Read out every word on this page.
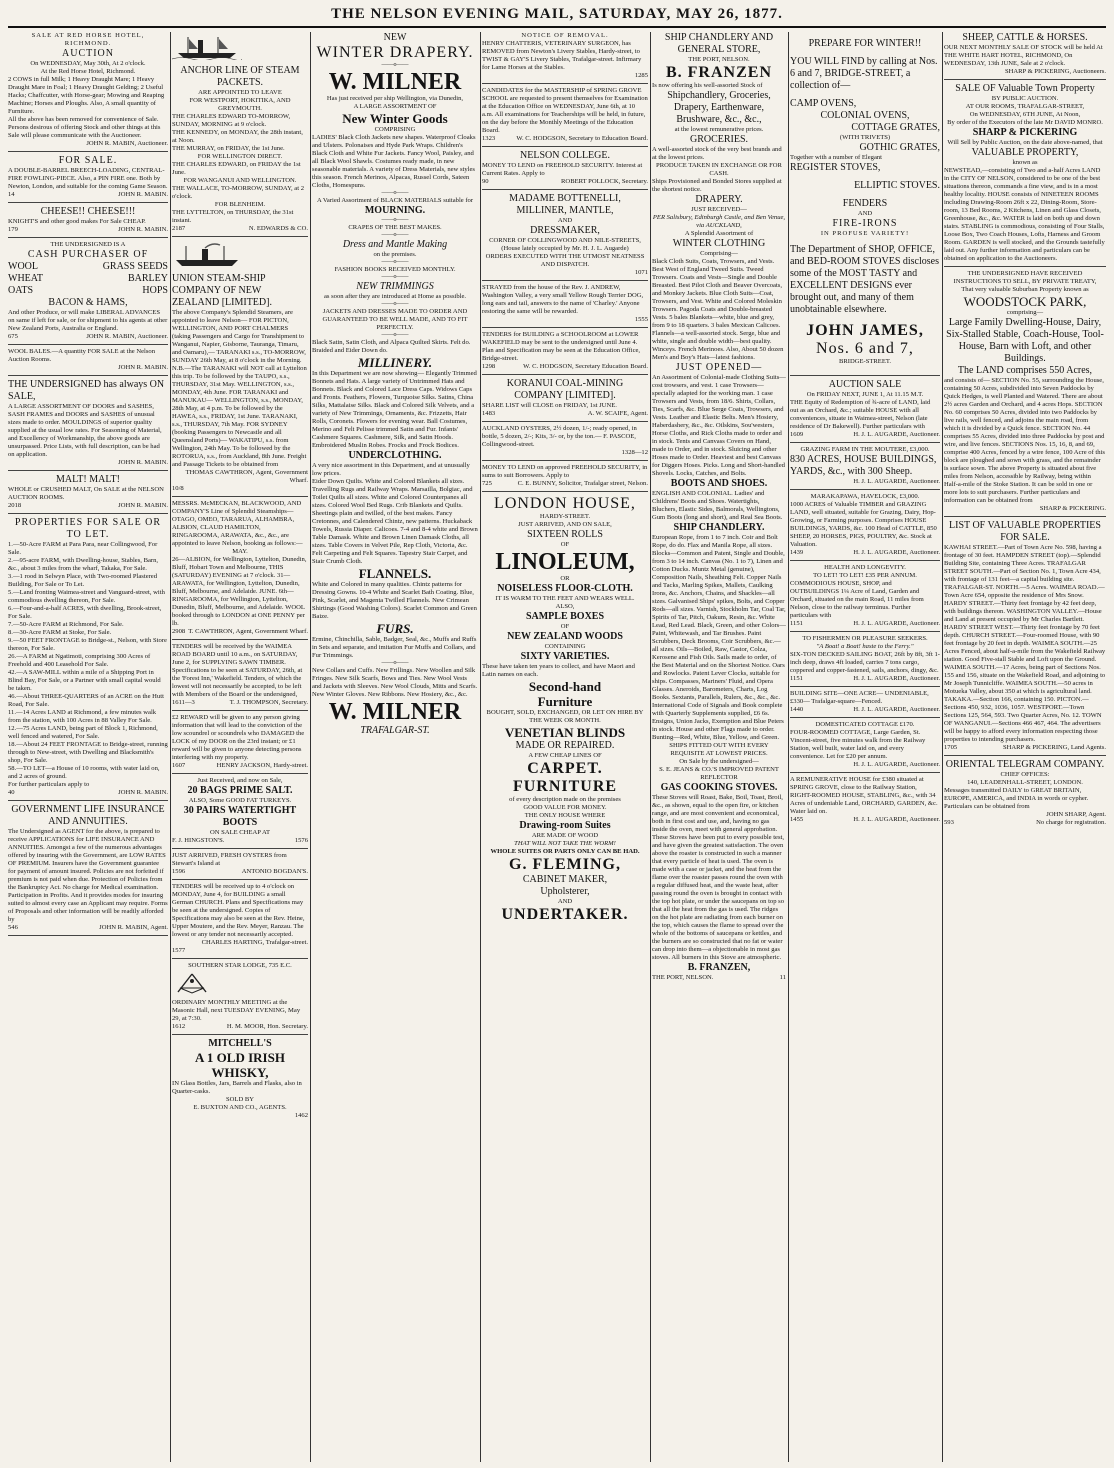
THE NELSON EVENING MAIL, SATURDAY, MAY 26, 1877.

SALE AT RED HORSE HOTEL, RICHMOND.

AUCTION

On WEDNESDAY, May 30th, At 2 o'clock.

At the Red Horse Hotel, Richmond.

2 COWS in full Milk; 1 Heavy Draught Mare; 1 Heavy Draught Mare in Foal; 1 Heavy Draught Gelding; 2 Useful Hacks; Chaffcutter, with Horse-gear; Mowing and Reaping Machine; Horses and Ploughs. Also, A small quantity of Furniture.

All the above has been removed for convenience of Sale. Persons desirous of offering Stock and other things at this Sale will please communicate with the Auctioneer.

JOHN R. MABIN, Auctioneer.

FOR SALE.

A DOUBLE-BARREL BREECH-LOADING, CENTRAL-FIRE FOWLING-PIECE. Also, a PIN FIRE one. Both by Newton, London, and suitable for the coming Game Season.

14	JOHN R. MABIN.

CHEESE!! CHEESE!!!

KNIGHT'S and other good makes For Sale CHEAP.

179	JOHN R. MABIN.

THE UNDERSIGNED IS A

CASH PURCHASER OF

WOOL	GRASS SEEDS
WHEAT	BARLEY
OATS	HOPS

BACON & HAMS,

And other Produce, or will make LIBERAL ADVANCES on same if left for sale, or for shipment to his agents at other New Zealand Ports, Australia or England.

675	JOHN R. MABIN, Auctioneer.

WOOL BALES.—A quantity FOR SALE at the Nelson Auction Rooms.

JOHN R. MABIN.

THE UNDERSIGNED has always ON SALE,

A LARGE ASSORTMENT OF DOORS and SASHES, SASH FRAMES and DOORS and SASHES of unusual sizes made to order. MOULDINGS of superior quality supplied at the usual low rates. For Seasoning of Material, and Excellency of Workmanship, the above goods are unsurpassed. Price Lists, with full description, can be had on application.

JOHN R. MABIN.

MALT! MALT!

WHOLE or CRUSHED MALT, On SALE at the NELSON AUCTION ROOMS.

2018	JOHN R. MABIN.

PROPERTIES FOR SALE OR TO LET.

1.—50-Acre FARM at Para Para, near Collingwood, For Sale.

2.—95-acre FARM, with Dwelling-house, Stables, Barn, &c., about 3 miles from the wharf, Takaka, For Sale.

3.—1 rood in Selwyn Place, with Two-roomed Plastered Building, For Sale or To Let.

5.—Land fronting Waimea-street and Vanguard-street, with commodious dwelling thereon, For Sale.

6.—Four-and-a-half ACRES, with dwelling, Brook-street, For Sale.

7.—50-Acre FARM at Richmond, For Sale.

8.—30-Acre FARM at Stoke, For Sale.

9.—50 FEET FRONTAGE to Bridge-st., Nelson, with Store thereon, For Sale.

26.—A FARM at Ngatimoti, comprising 300 Acres of Freehold and 400 Leasehold For Sale.

42.—A SAW-MILL within a mile of a Shipping Port in Blind Bay, For Sale, or a Partner with small capital would be taken.

46.—About THREE-QUARTERS of an ACRE on the Hutt Road, For Sale.

11.—14 Acres LAND at Richmond, a few minutes walk from the station, with 100 Acres in 88 Valley For Sale.

12.—75 Acres LAND, being part of Block 1, Richmond, well fenced and watered, For Sale.

18.—About 24 FEET FRONTAGE to Bridge-street, running through to New-street, with Dwelling and Blacksmith's shop, For Sale.

58.—TO LET—a House of 10 rooms, with water laid on, and 2 acres of ground.

For further particulars apply to

40	JOHN R. MABIN.

GOVERNMENT LIFE INSURANCE AND ANNUITIES.

The Undersigned as AGENT for the above, is prepared to receive APPLICATIONS for LIFE INSURANCE AND ANNUITIES. Amongst a few of the numerous advantages offered by insuring with the Government, are LOW RATES OF PREMIUM. Insurers have the Government guarantee for payment of amount insured. Policies are not forfeited if premium is not paid when due. Protection of Policies from the Bankruptcy Act. No charge for Medical examination. Participation in Profits. And it provides modes for insuring suited to almost every case an Applicant may require. Forms of Proposals and other information will be readily afforded by

546	JOHN R. MABIN, Agent.

ANCHOR LINE OF STEAM PACKETS.

ARE APPOINTED TO LEAVE

FOR WESTPORT, HOKITIKA, AND GREYMOUTH.

THE CHARLES EDWARD TO-MORROW, SUNDAY, MORNING at 9 o'clock.

THE KENNEDY, on MONDAY, the 28th instant, at Noon.

THE MURRAY, on FRIDAY, the 1st June.

FOR WELLINGTON DIRECT.

THE CHARLES EDWARD, on FRIDAY the 1st June.

FOR WANGANUI AND WELLINGTON.

THE WALLACE, TO-MORROW, SUNDAY, at 2 o'clock.

FOR BLENHEIM.

THE LYTTELTON, on THURSDAY, the 31st instant.

2187	N. EDWARDS & CO.

UNION STEAM-SHIP COMPANY OF NEW ZEALAND [LIMITED].

The above Company's Splendid Steamers, are appointed to leave Nelson— FOR PICTON, WELLINGTON, AND PORT CHALMERS (taking Passengers and Cargo for Transhipment to Wanganui, Napier, Gisborne, Tauranga, Timaru, and Oamaru),— TARANAKI s.s., TO-MORROW, SUNDAY 26th May, at 8 o'clock in the Morning. N.B.—The TARANAKI will NOT call at Lyttelton this trip. To be followed by the TAUPO, s.s., THURSDAY, 31st May. WELLINGTON, s.s., MONDAY, 4th June. FOR TARANAKI and MANUKAU— WELLINGTON, s.s., MONDAY, 28th May, at 4 p.m. To be followed by the HAWEA, s.s., FRIDAY, 1st June. TARANAKI, s.s., THURSDAY, 7th May. FOR SYDNEY (booking Passengers to Newcastle and all Queensland Ports)— WAKATIPU, s.s. from Wellington, 24th May. To be followed by the ROTORUA, s.s., from Auckland, 8th June. Freight and Passage Tickets to be obtained from

THOMAS CAWTHRON, Agent, Government Wharf.

10/8

MESSRS. McMECKAN, BLACKWOOD, AND COMPANY'S Line of Splendid Steamships—OTAGO, OMEO, TARARUA, ALHAMBRA, ALBION, CLAUD HAMILTON, RINGAROOMA, ARAWATA, &c., &c., are appointed to leave Nelson, booking as follows:—

MAY.

26—ALBION, for Wellington, Lyttelton, Dunedin, Bluff, Hobart Town and Melbourne, THIS (SATURDAY) EVENING at 7 o'clock. 31—ARAWATA, for Wellington, Lyttelton, Dunedin, Bluff, Melbourne, and Adelaide. JUNE. 6th—RINGAROOMA, for Wellington, Lyttelton, Dunedin, Bluff, Melbourne, and Adelaide. WOOL booked through to LONDON at ONE PENNY per lb.

2908 T. CAWTHRON, Agent, Government Wharf.

TENDERS will be received by the WAIMEA ROAD BOARD until 10 a.m., on SATURDAY, June 2, for SUPPLYING SAWN TIMBER. Specifications to be seen at SATURDAY, 26th, at the 'Forest Inn,' Wakefield. Tenders, of which the lowest will not necessarily be accepted, to be left with Members of the Board or the undersigned,

1611—3	T. J. THOMPSON, Secretary.

£2 REWARD will be given to any person giving information that will lead to the conviction of the low scoundrel or scoundrels who DAMAGED the LOCK of my DOOR on the 23rd instant; or £1 reward will be given to anyone detecting persons interfering with my property.

1607	HENRY JACKSON, Hardy-street.

Just Received, and now on Sale,

20 BAGS PRIME SALT.

ALSO, Some GOOD FAT TURKEYS.

30 PAIRS WATERTIGHT BOOTS

ON SALE CHEAP AT

F. J. HINGSTON'S.	1576

JUST ARRIVED, FRESH OYSTERS from Stewart's Island at

1596	ANTONIO BOGDAN'S.

TENDERS will be received up to 4 o'clock on MONDAY, June 4, for BUILDING a small German CHURCH. Plans and Specifications may be seen at the undersigned. Copies of Specifications may also be seen at the Rev. Heine, Upper Moutere, and the Rev. Meyer, Ranzau. The lowest or any tender not necessarily accepted.

CHARLES HARTING, Trafalgar-street.

1577

SOUTHERN STAR LODGE, 735 E.C.

ORDINARY MONTHLY MEETING at the Masonic Hall, next TUESDAY EVENING, May 29, at 7:30.

1612	H. M. MOOR, Hon. Secretary.

MITCHELL'S

A 1 OLD IRISH WHISKY,

IN Glass Bottles, Jars, Barrels and Flasks, also in Quarter-casks.

SOLD BY

E. BUXTON AND CO., AGENTS.

1462

NEW

WINTER DRAPERY.

——o——

W. MILNER

Has just received per ship Wellington, via Dunedin,

A LARGE ASSORTMENT OF

New Winter Goods

COMPRISING

LADIES' Black Cloth Jackets new shapes. Waterproof Cloaks and Ulsters. Polonaises and Hyde Park Wraps. Children's Black Cloth and White Fur Jackets. Fancy Wool, Paisley, and all Black Wool Shawls. Costumes ready made, in new seasonable materials. A variety of Dress Materials, new styles this season. French Merinos, Alpacas, Russel Cords, Sateen Cloths, Homespuns.

——o——

A Varied Assortment of BLACK MATERIALS suitable for

MOURNING.

——o——

CRAPES OF THE BEST MAKES.

——o——

Dress and Mantle Making

on the premises.

——o——

FASHION BOOKS RECEIVED MONTHLY.

——o——

NEW TRIMMINGS

as soon after they are introduced at Home as possible.

——o——

JACKETS AND DRESSES MADE TO ORDER AND GUARANTEED TO BE WELL MADE, AND TO FIT PERFECTLY.

——o——

Black Satin, Satin Cloth, and Alpaca Quilted Skirts. Felt do. Braided and Eider Down do.

MILLINERY.

In this Department we are now showing— Elegantly Trimmed Bonnets and Hats. A large variety of Untrimmed Hats and Bonnets. Black and Colored Lace Dress Caps. Widows Caps and Fronts. Feathers, Flowers, Turquoise Silks. Satins, China Silks, Mattalaise Silks. Black and Colored Silk Velvets, and a variety of New Trimmings, Ornaments, &c. Frizzetts, Hair Rolls, Coronets. Flowers for evening wear. Ball Costumes, Merino and Felt Pelisse trimmed Satin and Fur. Infants' Cashmere Squares. Cashmere, Silk, and Satin Hoods. Embroidered Muslin Robes. Frocks and Frock Bodices.

UNDERCLOTHING.

A very nice assortment in this Department, and at unusually low prices.

Eider Down Quilts. White and Colored Blankets all sizes. Travelling Rugs and Railway Wraps. Marsailla, Bolgiac, and Toilet Quilts all sizes. White and Colored Counterpanes all sizes. Colored Wool Bed Rugs. Crib Blankets and Quilts. Sheetings plain and twilled, of the best makes. Fancy Cretonnes, and Calendered Chintz, new patterns. Huckaback Towels, Russia Diaper. Calicoes. 7-4 and 8-4 white and Brown Table Damask. White and Brown Linen Damask Cloths, all sizes. Table Covers in Velvet Pile, Rep Cloth, Victoria, &c. Felt Carpeting and Felt Squares. Tapestry Stair Carpet, and Stair Crumb Cloth.

FLANNELS.

White and Colored in many qualities. Chintz patterns for Dressing Gowns. 10-4 White and Scarlet Bath Coating. Blue, Pink, Scarlet, and Magenta Twilled Flannels. New Crimean Shirtings (Good Washing Colors). Scarlet Common and Green Baize.

FURS.

Ermine, Chinchilla, Sable, Badger, Seal, &c., Muffs and Ruffs in Sets and separate, and imitation Fur Muffs and Collars, and Fur Trimmings.

——o——

New Collars and Cuffs. New Frillings. New Woollen and Silk Fringes. New Silk Scarfs, Bows and Ties. New Wool Vests and Jackets with Sleeves. New Wool Clouds, Mitts and Scarfs. New Winter Gloves. New Ribbons. New Hosiery, &c., &c.

W. MILNER

TRAFALGAR-ST.

NOTICE OF REMOVAL.

HENRY CHATTERIS, VETERINARY SURGEON, has REMOVED from Newton's Livery Stables, Hardy-street, to TWIST & GAY'S Livery Stables, Trafalgar-street. Infirmary for Lame Horses at the Stables.

1285

CANDIDATES for the MASTERSHIP of SPRING GROVE SCHOOL are requested to present themselves for Examination at the Education Office on WEDNESDAY, June 6th, at 10 a.m. All examinations for Teacherships will be held, in future, on the day before the Monthly Meetings of the Education Board.

1323	W. C. HODGSON, Secretary to Education Board.

NELSON COLLEGE.

MONEY TO LEND on FREEHOLD SECURITY. Interest at Current Rates. Apply to

90	ROBERT POLLOCK, Secretary.

MADAME BOTTENELLI,

MILLINER, MANTLE,

AND

DRESSMAKER,

CORNER OF COLLINGWOOD AND NILE-STREETS,

(House lately occupied by Mr. H. J. L. Augarde)

ORDERS EXECUTED WITH THE UTMOST NEATNESS AND DISPATCH.

1071

STRAYED from the house of the Rev. J. ANDREW, Washington Valley, a very small Yellow Rough Terrier DOG, long ears and tail, answers to the name of 'Charley.' Anyone restoring the same will be rewarded.

1555

TENDERS for BUILDING a SCHOOLROOM at LOWER WAKEFIELD may be sent to the undersigned until June 4. Plan and Specification may be seen at the Education Office, Bridge-street.

1298	W. C. HODGSON, Secretary Education Board.

KORANUI COAL-MINING COMPANY [LIMITED].

SHARE LIST will CLOSE on FRIDAY, 1st JUNE.

1483	A. W. SCAIFE, Agent.

AUCKLAND OYSTERS, 2½ dozen, 1/-; ready opened, in bottle, 5 dozen, 2/-; Kits, 3/- or, by the ton.— F. PASCOE, Collingwood-street.

1328—12

MONEY TO LEND on approved FREEHOLD SECURITY, in sums to suit Borrowers. Apply to

725	C. E. BUNNY, Solicitor, Trafalgar street, Nelson.

LONDON HOUSE,

HARDY-STREET.

JUST ARRIVED, AND ON SALE,

SIXTEEN ROLLS

OF

LINOLEUM,

OR

NOISELESS FLOOR-CLOTH.

IT IS WARM TO THE FEET AND WEARS WELL.

ALSO,

SAMPLE BOXES

OF

NEW ZEALAND WOODS

CONTAINING

SIXTY VARIETIES.

These have taken ten years to collect, and have Maori and Latin names on each.

Second-hand

Furniture

BOUGHT, SOLD, EXCHANGED, OR LET ON HIRE BY THE WEEK OR MONTH.

VENETIAN BLINDS

MADE OR REPAIRED.

A FEW CHEAP LINES OF

CARPET.

FURNITURE

of every description made on the premises

GOOD VALUE FOR MONEY.

THE ONLY HOUSE WHERE

Drawing-room Suites

ARE MADE OF WOOD

THAT WILL NOT TAKE THE WORM!

WHOLE SUITES OR PARTS ONLY CAN BE HAD.

G. FLEMING,

CABINET MAKER,

Upholsterer,

AND

UNDERTAKER.

SHIP CHANDLERY AND GENERAL STORE,

THE PORT, NELSON.

B. FRANZEN

Is now offering his well-assorted Stock of

Shipchandlery, Groceries, Drapery, Earthenware, Brushware, &c., &c.,

at the lowest remunerative prices.

GROCERIES.

A well-assorted stock of the very best brands and at the lowest prices.

PRODUCE TAKEN IN EXCHANGE OR FOR CASH.

Ships Provisioned and Bonded Stores supplied at the shortest notice.

DRAPERY.

JUST RECEIVED—

PER Salisbury, Edinburgh Castle, and Ben Venue, via AUCKLAND,

A Splendid Assortment of

WINTER CLOTHING

Comprising—

Black Cloth Suits, Coats, Trowsers, and Vests. Best West of England Tweed Suits. Tweed Trowsers. Coats and Vests—Single and Double Breasted. Best Pilot Cloth and Beaver Overcoats, and Monkey Jackets. Blue Cloth Suits—Coat, Trowsers, and Vest. White and Colored Moleskin Trowsers. Pagoda Coats and Double-breasted Vests. 5 bales Blankets—white, blue and grey, from 9 to 18 quarters. 3 bales Mexican Calicoes. Flannels—a well-assorted stock. Serge, blue and white, single and double width—best quality. Winceys. French Merinoes. Also, About 50 dozen Men's and Boy's Hats—latest fashions.

JUST OPENED—

An Assortment of Colonial-made Clothing Suits—cost trowsers, and vest. 1 case Trowsers—specially adapted for the working man. 1 case Trowsers and Vests, from 18/6. Shirts, Collars, Ties, Scarfs, &c. Blue Serge Coats, Trowsers, and Vests. Leather and Elastic Belts. Men's Hosiery, Haberdashery, &c., &c. Oilskins, Sou'westers, Horse Cloths, and Rick Cloths made to order and in stock. Tents and Canvass Covers on Hand, made to Order, and in stock. Sluicing and other Hoses made to Order. Heaviest and best Canvass for Diggers Hoses. Picks. Long and Short-handled Shovels. Locks, Catches, and Bolts.

BOOTS AND SHOES.

ENGLISH AND COLONIAL. Ladies' and Childrens' Boots and Shoes. Watertights, Bluchers, Elastic Sides, Balmorals, Wellingtons, Gum Boots (long and short), and Real Sea Boots.

SHIP CHANDLERY.

European Rope, from 1 to 7 inch. Coir and Bolt Rope, do do. Flax and Manila Rope, all sizes. Blocks—Common and Patent, Single and Double, from 3 to 14 inch. Canvas (No. 1 to 7), Linen and Cotton Ducks. Muntz Metal (genuine), Composition Nails, Sheathing Felt. Copper Nails and Tacks, Marling Spikes, Mallets, Caulking Irons, &c. Anchors, Chains, and Shackles—all sizes. Galvanised Ships' spikes, Bolts, and Copper Rods—all sizes. Varnish, Stockholm Tar, Coal Tar, Spirits of Tar, Pitch, Oakum, Resin, &c. White Lead, Red Lead. Black, Green, and other Colors—Paint, Whitewash, and Tar Brushes. Paint Scrubbers, Deck Brooms, Coir Scrubbers, &c.—all sizes. Oils—Boiled, Raw, Castor, Colza, Kerosene and Fish Oils. Sails made to order, of the Best Material and on the Shortest Notice. Oars and Rowlocks. Patent Lever Clocks, suitable for ships. Compasses, Mariners' Fluid, and Opera Glasses. Aneroids, Barometers, Charts, Log Books. Sextants, Parallels, Rulers, &c., &c., &c. International Code of Signals and Book complete with Quarterly Supplements supplied, £6 6s. Ensigns, Union Jacks, Exemption and Blue Peters in stock. House and other Flags made to order. Bunting—Red, White, Blue, Yellow, and Green.

SHIPS FITTED OUT WITH EVERY REQUISITE AT LOWEST PRICES.

On Sale by the undersigned—

S. E. JEANS & CO.'S IMPROVED PATENT REFLECTOR

GAS COOKING STOVES.

These Stoves will Roast, Bake, Boil, Toast, Broil, &c., as shown, equal to the open fire, or kitchen range, and are most convenient and economical, both in first cost and use, and, having no gas inside the oven, meet with general approbation. These Stoves have been put to every possible test, and have given the greatest satisfaction. The oven above the roaster is constructed in such a manner that every particle of heat is used. The oven is made with a case or jacket, and the heat from the flame over the roaster passes round the oven with a regular diffused heat, and the waste heat, after passing round the oven is brought in contact with the top hot plate, or under the saucepans on top so that all the heat from the gas is used. The ridges on the hot plate are radiating from each burner on the top, which causes the flame to spread over the whole of the bottoms of saucepans or kettles, and the burners are so constructed that no fat or water can drop into them—a objectionable in most gas stoves. All burners in this Stove are atmospheric.

B. FRANZEN,

THE PORT, NELSON.	11

PREPARE FOR WINTER!!

YOU WILL FIND by calling at Nos. 6 and 7, BRIDGE-STREET, a collection of—

CAMP OVENS,

COLONIAL OVENS,

COTTAGE GRATES,

(WITH TRIVETS)

GOTHIC GRATES,

Together with a number of Elegant

REGISTER STOVES,

ELLIPTIC STOVES.

FENDERS

AND

FIRE-IRONS

IN PROFUSE VARIETY!

The Department of SHOP, OFFICE, and BED-ROOM STOVES discloses some of the MOST TASTY and EXCELLENT DESIGNS ever brought out, and many of them unobtainable elsewhere.

JOHN JAMES,

Nos. 6 and 7,

BRIDGE-STREET.

AUCTION SALE

On FRIDAY NEXT, JUNE 1, At 11.15 M.T.

THE Equity of Redemption of ¾-acre of LAND, laid out as an Orchard, &c.; suitable HOUSE with all conveniences, situate in Waimea-street, Nelson (late residence of Dr Bakewell). Further particulars with

1609	H. J. L. AUGARDE, Auctioneer.

GRAZING FARM IN THE MOUTERE, £3,000.

830 ACRES, HOUSE BUILDINGS, YARDS, &c., with 300 Sheep.

H. J. L. AUGARDE, Auctioneer.

MARAKAPAWA, HAVELOCK, £3,000.

1000 ACRES of Valuable TIMBER and GRAZING LAND, well situated, suitable for Grazing, Dairy, Hop-Growing, or Farming purposes. Comprises HOUSE BUILDINGS, YARDS, &c. 100 Head of CATTLE, 850 SHEEP, 20 HORSES, PIGS, POULTRY, &c. Stock at Valuation.

1439	H. J. L. AUGARDE, Auctioneer.

HEALTH AND LONGEVITY.

TO LET! TO LET! £35 PER ANNUM.

COMMODIOUS HOUSE, SHOP, and OUTBUILDINGS 1¼ Acre of Land, Garden and Orchard, situated on the main Road, 11 miles from Nelson, close to the railway terminus. Further particulars with

1151	H. J. L. AUGARDE, Auctioneer.

TO FISHERMEN OR PLEASURE SEEKERS.

"A Boat! a Boat! haste to the Ferry."

SIX-TON DECKED SAILING BOAT, 26ft by 8ft, 3ft 1-inch deep, draws 4ft loaded, carries 7 tons cargo, coppered and copper-fastened, sails, anchors, dingy, &c.

1151	H. J. L. AUGARDE, Auctioneer.

BUILDING SITE—ONE ACRE— UNDENIABLE, £330— Trafalgar-square—Fenced.

1440	H. J. L. AUGARDE, Auctioneer.

DOMESTICATED COTTAGE £170.

FOUR-ROOMED COTTAGE, Large Garden, St. Vincent-street, five minutes walk from the Railway Station, well built, water laid on, and every convenience. Let for £20 per annum.

H. J. L. AUGARDE, Auctioneer.

A REMUNERATIVE HOUSE for £380 situated at SPRING GROVE, close to the Railway Station, RIGHT-ROOMED HOUSE, STABLING, &c., with 34 Acres of undeniable Land, ORCHARD, GARDEN, &c. Water laid on.

1455	H. J. L. AUGARDE, Auctioneer.

SHEEP, CATTLE & HORSES.

OUR NEXT MONTHLY SALE OF STOCK will be held At THE WHITE HART HOTEL, RICHMOND, On WEDNESDAY, 13th JUNE, Sale at 2 o'clock.

SHARP & PICKERING, Auctioneers.

SALE OF Valuable Town Property

BY PUBLIC AUCTION.

AT OUR ROOMS, TRAFALGAR-STREET,

On WEDNESDAY, 6TH JUNE, At Noon,

By order of the Executors of the late Mr DAVID MONRO.

SHARP & PICKERING

Will Sell by Public Auction, on the date above-named, that

VALUABLE PROPERTY,

known as

NEWSTEAD,—consisting of Two and a-half Acres LAND in the CITY OF NELSON, considered to be one of the best situations thereon, commands a fine view, and is in a most healthy locality. HOUSE consists of NINETEEN ROOMS including Drawing-Room 26ft x 22, Dining-Room, Store-room, 13 Bed Rooms, 2 Kitchens, Linen and Glass Closets, Greenhouse, &c., &c. WATER is laid on both up and down stairs. STABLING is commodious, consisting of Four Stalls, Loose Box, Two Coach Houses, Lofts, Harness and Groom Room. GARDEN is well stocked, and the Grounds tastefully laid out. Any further information and particulars can be obtained on application to the Auctioneers.

THE UNDERSIGNED HAVE RECEIVED INSTRUCTIONS TO SELL, BY PRIVATE TREATY,

That very valuable Suburban Property known as

WOODSTOCK PARK,

comprising—

Large Family Dwelling-House, Dairy, Six-Stalled Stable, Coach-House, Tool-House, Barn with Loft, and other Buildings.

The LAND comprises 550 Acres,

and consists of— SECTION No. 55, surrounding the House, containing 50 Acres, subdivided into Seven Paddocks by Quick Hedges, is well Planted and Watered. There are about 2½ acres Garden and Orchard, and 4 acres Hops. SECTION No. 60 comprises 50 Acres, divided into two Paddocks by live rails, well fenced, and adjoins the main road, from which it is divided by a Quick fence. SECTION No. 44 comprises 55 Acres, divided into three Paddocks by post and wire, and live fences. SECTIONS Nos. 15, 16, 8, and 69, comprise 400 Acres, fenced by a wire fence, 100 Acre of this block are ploughed and sown with grass, and the remainder is surface sown. The above Property is situated about five miles from Nelson, accessible by Railway, being within Half-a-mile of the Stoke Station. It can be sold in one or more lots to suit purchasers. Further particulars and information can be obtained from

SHARP & PICKERING.

LIST OF VALUABLE PROPERTIES FOR SALE.

KAWHAI STREET.—Part of Town Acre No. 598, having a frontage of 30 feet. HAMPDEN STREET (top).—Splendid Building Site, containing Three Acres. TRAFALGAR STREET SOUTH.—Part of Section No. 1, Town Acre 434, with frontage of 131 feet—a capital building site. TRAFALGAR-ST. NORTH.—5 Acres. WAIMEA ROAD.—Town Acre 654, opposite the residence of Mrs Snow. HARDY STREET.—Thirty feet frontage by 42 feet deep, with buildings thereon. WASHINGTON VALLEY.—House and Land at present occupied by Mr Charles Bartlett. HARDY STREET WEST.—Thirty feet frontage by 70 feet depth. CHURCH STREET.—Four-roomed House, with 90 feet frontage by 20 feet in depth. WAIMEA SOUTH.—25 Acres Fenced, about half-a-mile from the Wakefield Railway station. Good Five-stall Stable and Loft upon the Ground. WAIMEA SOUTH.—17 Acres, being part of Sections Nos. 155 and 156, situate on the Wakefield Road, and adjoining to Mr Joseph Tunnicliffe. WAIMEA SOUTH.—50 acres in Motueka Valley, about 350 at which is agricultural land. TAKAKA.—Section 166, containing 150. PICTON.—Sections 450, 932, 1036, 1057. WESTPORT.—Town Sections 125, 564, 593. Two Quarter Acres, No. 12. TOWN OF WANGANUI.—Sections 466 467, 464. The advertisers will be happy to afford every information respecting those properties to intending purchasers.

1705	SHARP & PICKERING, Land Agents.

ORIENTAL TELEGRAM COMPANY.

CHIEF OFFICES:

140, LEADENHALL-STREET, LONDON.

Messages transmitted DAILY to GREAT BRITAIN, EUROPE, AMERICA, and INDIA in words or cypher. Particulars can be obtained from

JOHN SHARP, Agent.

593	No charge for registration.
